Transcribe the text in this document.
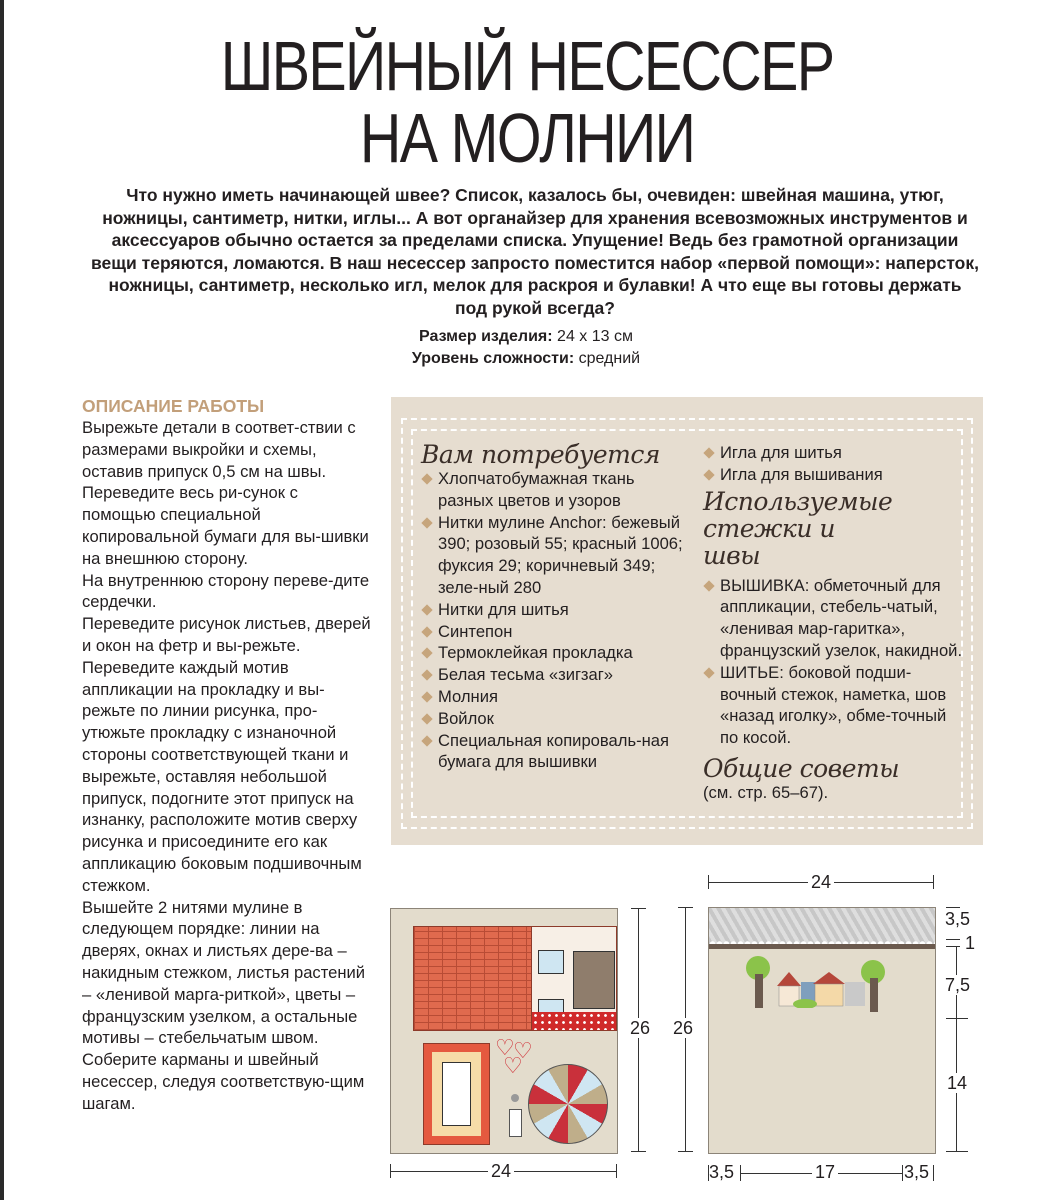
ШВЕЙНЫЙ НЕСЕССЕР
НА МОЛНИИ
Что нужно иметь начинающей швее? Список, казалось бы, очевиден: швейная машина, утюг, ножницы, сантиметр, нитки, иглы... А вот органайзер для хранения всевозможных инструментов и аксессуаров обычно остается за пределами списка. Упущение! Ведь без грамотной организации вещи теряются, ломаются. В наш несессер запросто поместится набор «первой помощи»: наперсток, ножницы, сантиметр, несколько игл, мелок для раскроя и булавки! А что еще вы готовы держать под рукой всегда?
Размер изделия: 24 х 13 см
Уровень сложности: средний
ОПИСАНИЕ РАБОТЫ

Вырежьте детали в соответ-ствии с размерами выкройки и схемы, оставив припуск 0,5 см на швы. Переведите весь ри-сунок с помощью специальной копировальной бумаги для вы-шивки на внешнюю сторону.

На внутреннюю сторону переве-дите сердечки.

Переведите рисунок листьев, дверей и окон на фетр и вы-режьте.

Переведите каждый мотив аппликации на прокладку и вы-режьте по линии рисунка, про-утюжьте прокладку с изнаночной стороны соответствующей ткани и вырежьте, оставляя небольшой припуск, подогните этот припуск на изнанку, расположите мотив сверху рисунка и присоедините его как аппликацию боковым подшивочным стежком.

Вышейте 2 нитями мулине в следующем порядке: линии на дверях, окнах и листьях дере-ва – накидным стежком, листья растений – «ленивой марга-риткой», цветы – французским узелком, а остальные мотивы – стебельчатым швом.

Соберите карманы и швейный несессер, следуя соответствую-щим шагам.

Вам потребуется
Хлопчатобумажная ткань разных цветов и узоров
Нитки мулине Anchor: бежевый 390; розовый 55; красный 1006; фуксия 29; коричневый 349; зеле-ный 280
Нитки для шитья
Синтепон
Термоклейкая прокладка
Белая тесьма «зигзаг»
Молния
Войлок
Специальная копироваль-ная бумага для вышивки
Игла для шитья
Игла для вышивания
Используемые стежки и швы
ВЫШИВКА: обметочный для аппликации, стебель-чатый, «ленивая мар-гаритка», французский узелок, накидной.
ШИТЬЕ: боковой подши-вочный стежок, наметка, шов «назад иголку», обме-точный по косой.
Общие советы
(см. стр. 65–67).
♡
♡
♡
26
24
24
26
3,5
1
7,5
14
3,5	17	3,5
